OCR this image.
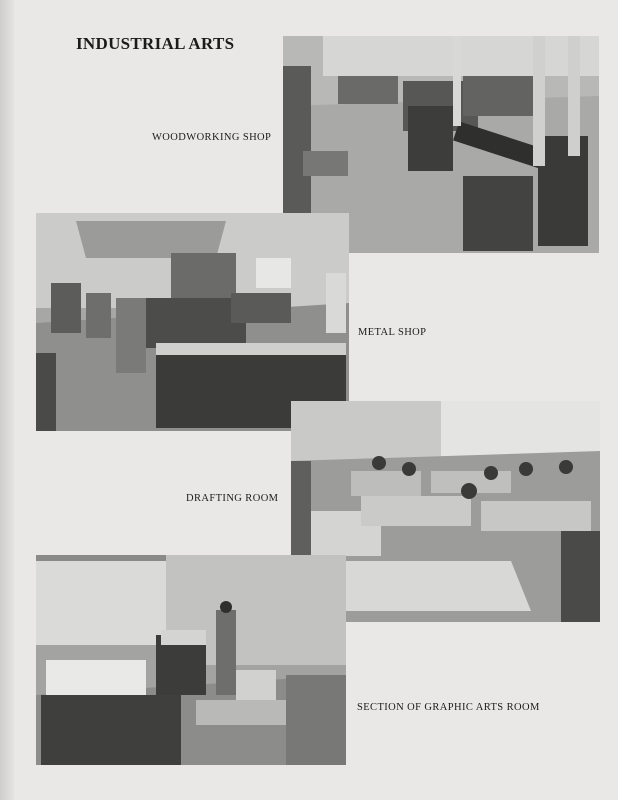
INDUSTRIAL ARTS
WOODWORKING SHOP
METAL SHOP
DRAFTING ROOM
SECTION OF GRAPHIC ARTS ROOM
